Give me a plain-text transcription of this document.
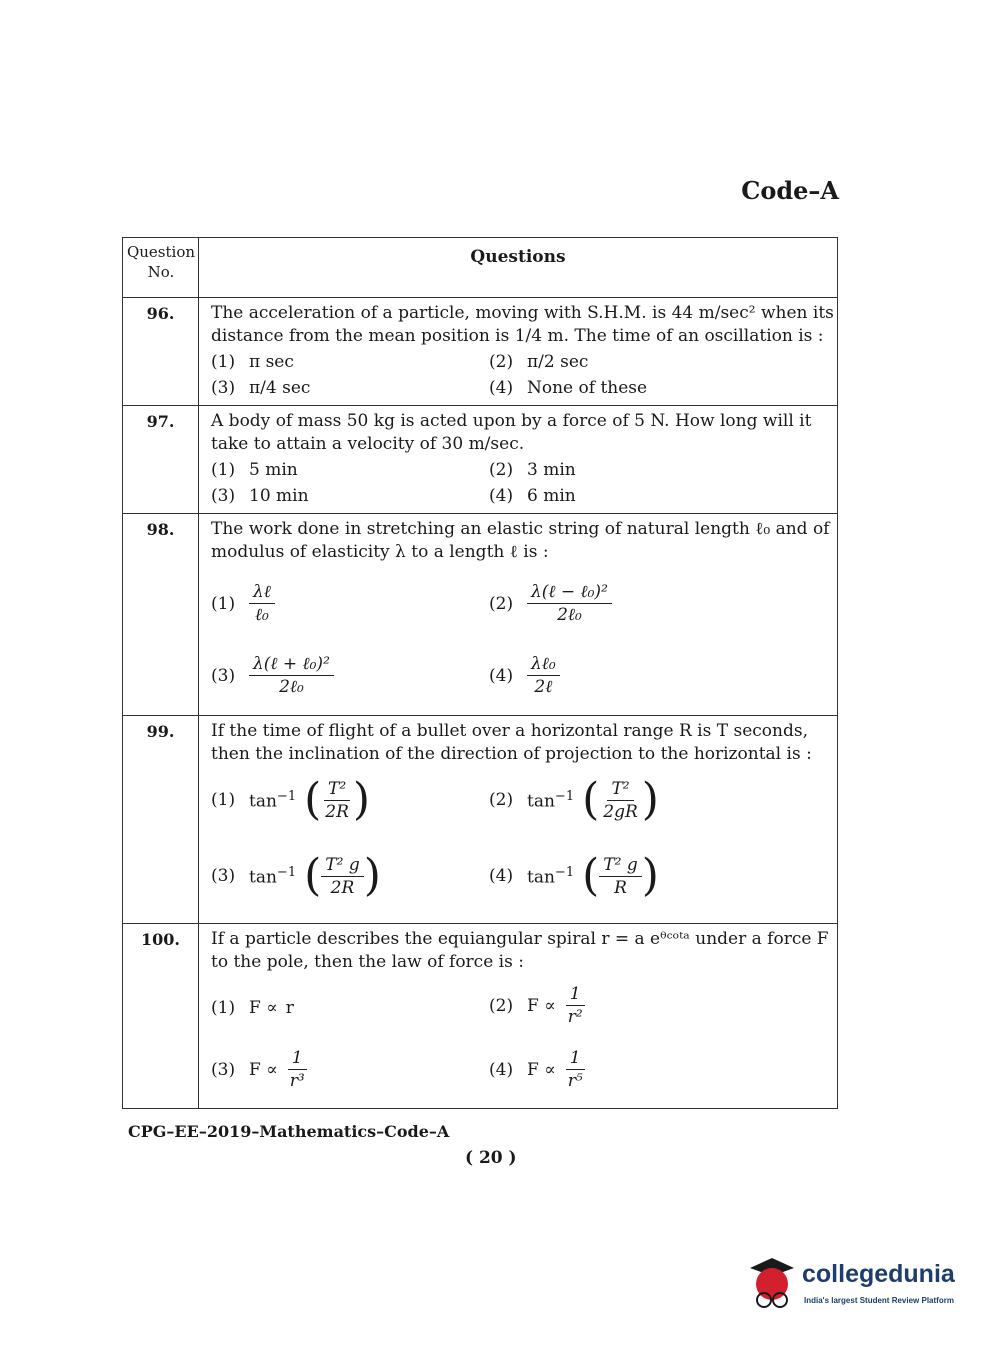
Code–A
Question
No.
Questions
96.	The acceleration of a particle, moving with S.H.M. is 44 m/sec² when its distance from the mean position is 1/4 m. The time of an oscillation is :
(1) π sec	(2) π/2 sec
(3) π/4 sec	(4) None of these
97.	A body of mass 50 kg is acted upon by a force of 5 N. How long will it take to attain a velocity of 30 m/sec.
(1) 5 min	(2) 3 min
(3) 10 min	(4) 6 min
98.	The work done in stretching an elastic string of natural length ℓ₀ and of modulus of elasticity λ to a length ℓ is :
$(1) \frac{\text{λℓ}}{\text{ℓ₀}}$	$(2) \frac{\text{λ(ℓ − ℓ₀)²}}{\text{2ℓ₀}}$
$(3) \frac{\text{λ(ℓ + ℓ₀)²}}{\text{2ℓ₀}}$	$(4) \frac{\text{λℓ₀}}{\text{2ℓ}}$
99.	If the time of flight of a bullet over a horizontal range R is T seconds, then the inclination of the direction of projection to the horizontal is :
(1) $\tan^{-1}$ ( $\frac{\text{T²}}{2R}$ )	(2) $\tan^{-1}$ ( $\frac{\text{T²}}{2gR}$ )
(3) $\tan^{-1}$ ( $\frac{\text{T² g}}{2R}$ )	(4) $\tan^{-1}$ ( $\frac{\text{T² g}}{R}$ )
100.	If a particle describes the equiangular spiral r = a eᶿᶜᵒᵗᵃ under a force F to the pole, then the law of force is :
(1) F ∝ r	(2) $F \propto \frac{1}{\text{r²}}$
(3) $F \propto \frac{1}{\text{r³}}$	(4) $F \propto \frac{1}{\text{r⁵}}$
CPG–EE–2019–Mathematics–Code–A
( 20 )
collegedunia
India's largest Student Review Platform
